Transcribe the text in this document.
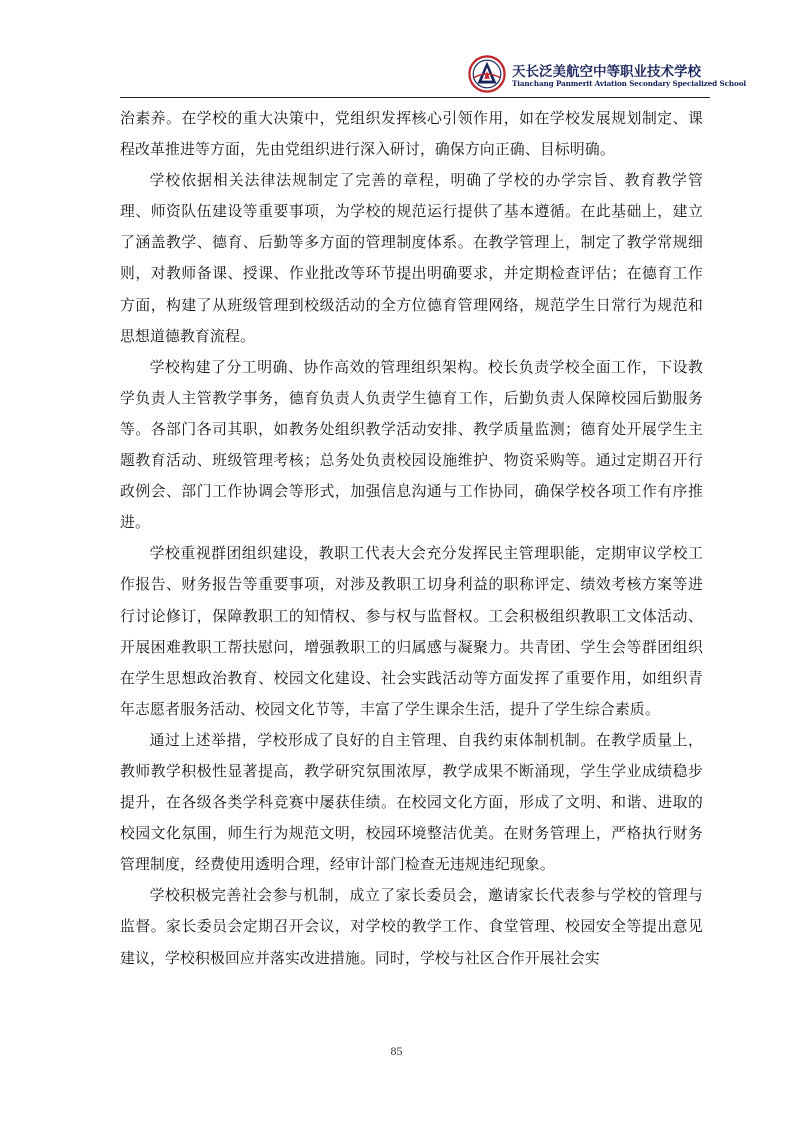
天长泛美航空中等职业技术学校
Tianchang Panmerit Aviation Secondary Specialized School

治素养。在学校的重大决策中，党组织发挥核心引领作用，如在学校发展规划制定、课程改革推进等方面，先由党组织进行深入研讨，确保方向正确、目标明确。

学校依据相关法律法规制定了完善的章程，明确了学校的办学宗旨、教育教学管理、师资队伍建设等重要事项，为学校的规范运行提供了基本遵循。在此基础上，建立了涵盖教学、德育、后勤等多方面的管理制度体系。在教学管理上，制定了教学常规细则，对教师备课、授课、作业批改等环节提出明确要求，并定期检查评估；在德育工作方面，构建了从班级管理到校级活动的全方位德育管理网络，规范学生日常行为规范和思想道德教育流程。

学校构建了分工明确、协作高效的管理组织架构。校长负责学校全面工作，下设教学负责人主管教学事务，德育负责人负责学生德育工作，后勤负责人保障校园后勤服务等。各部门各司其职，如教务处组织教学活动安排、教学质量监测；德育处开展学生主题教育活动、班级管理考核；总务处负责校园设施维护、物资采购等。通过定期召开行政例会、部门工作协调会等形式，加强信息沟通与工作协同，确保学校各项工作有序推进。

学校重视群团组织建设，教职工代表大会充分发挥民主管理职能，定期审议学校工作报告、财务报告等重要事项，对涉及教职工切身利益的职称评定、绩效考核方案等进行讨论修订，保障教职工的知情权、参与权与监督权。工会积极组织教职工文体活动、开展困难教职工帮扶慰问，增强教职工的归属感与凝聚力。共青团、学生会等群团组织在学生思想政治教育、校园文化建设、社会实践活动等方面发挥了重要作用，如组织青年志愿者服务活动、校园文化节等，丰富了学生课余生活，提升了学生综合素质。

通过上述举措，学校形成了良好的自主管理、自我约束体制机制。在教学质量上，教师教学积极性显著提高，教学研究氛围浓厚，教学成果不断涌现，学生学业成绩稳步提升，在各级各类学科竞赛中屡获佳绩。在校园文化方面，形成了文明、和谐、进取的校园文化氛围，师生行为规范文明，校园环境整洁优美。在财务管理上，严格执行财务管理制度，经费使用透明合理，经审计部门检查无违规违纪现象。

学校积极完善社会参与机制，成立了家长委员会，邀请家长代表参与学校的管理与监督。家长委员会定期召开会议，对学校的教学工作、食堂管理、校园安全等提出意见建议，学校积极回应并落实改进措施。同时，学校与社区合作开展社会实

85
